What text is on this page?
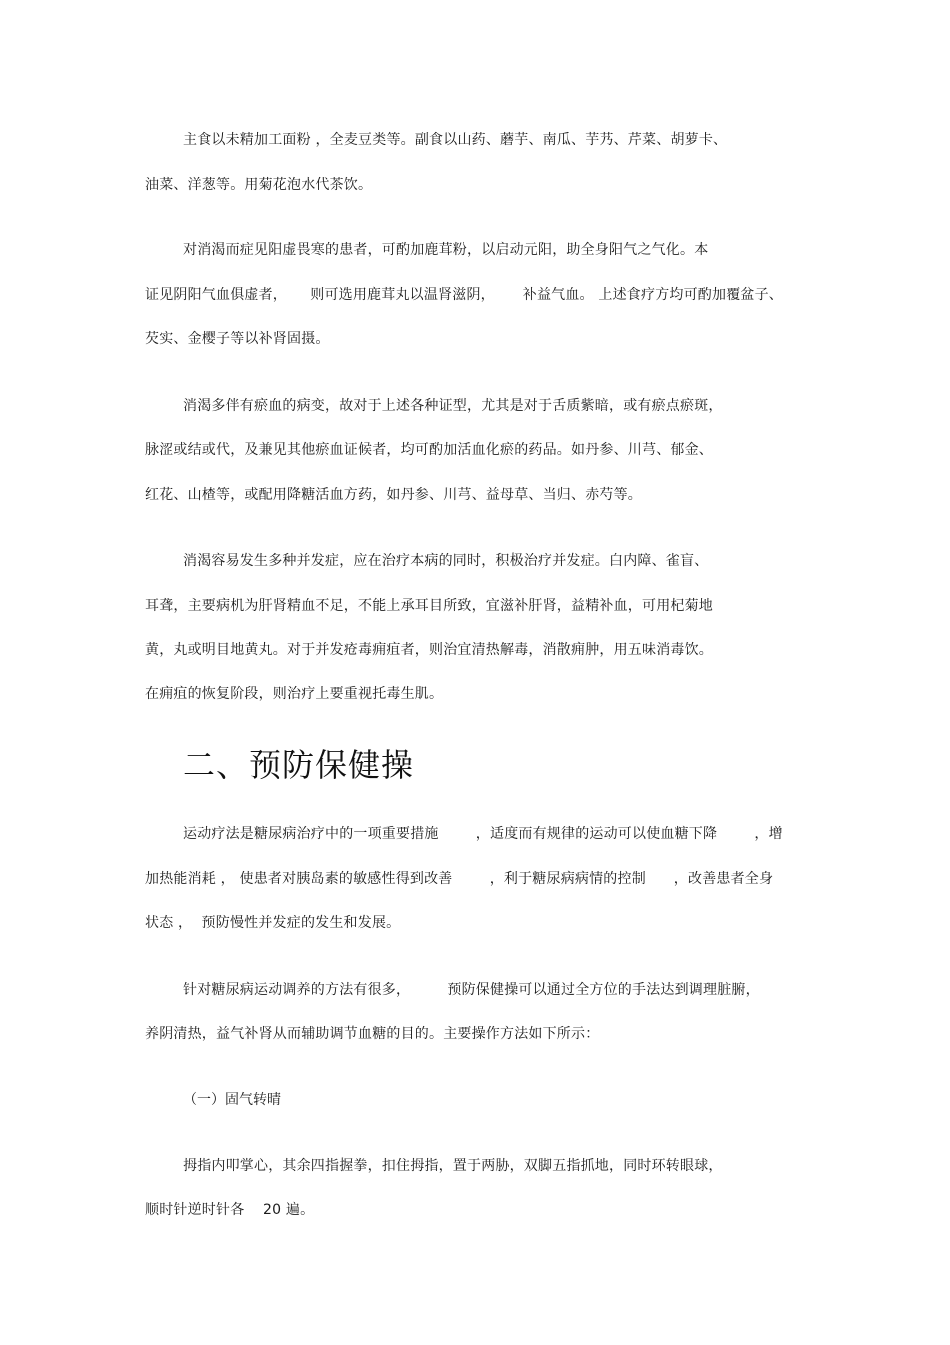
主食以未精加工面粉 ，全麦豆类等。副食以山药、蘑芋、南瓜、芋艿、芹菜、胡萝卡、
油菜、洋葱等。用菊花泡水代茶饮。
对消渴而症见阳虚畏寒的患者，可酌加鹿茸粉，以启动元阳，助全身阳气之气化。本
证见阴阳气血俱虚者，     则可选用鹿茸丸以温肾滋阴，      补益气血。 上述食疗方均可酌加覆盆子、
芡实、金樱子等以补肾固摄。
消渴多伴有瘀血的病变，故对于上述各种证型，尤其是对于舌质紫暗，或有瘀点瘀斑，
脉涩或结或代，及兼见其他瘀血证候者，均可酌加活血化瘀的药品。如丹参、川芎、郁金、
红花、山楂等，或配用降糖活血方药，如丹参、川芎、益母草、当归、赤芍等。
消渴容易发生多种并发症，应在治疗本病的同时，积极治疗并发症。白内障、雀盲、
耳聋，主要病机为肝肾精血不足，不能上承耳目所致，宜滋补肝肾，益精补血，可用杞菊地
黄，丸或明目地黄丸。对于并发疮毒痈疽者，则治宜清热解毒，消散痈肿，用五味消毒饮。
在痈疽的恢复阶段，则治疗上要重视托毒生肌。
二、预防保健操
运动疗法是糖尿病治疗中的一项重要措施        ，适度而有规律的运动可以使血糖下降        ，增
加热能消耗 ， 使患者对胰岛素的敏感性得到改善        ，利于糖尿病病情的控制      ，改善患者全身
状态 ，  预防慢性并发症的发生和发展。
针对糖尿病运动调养的方法有很多，        预防保健操可以通过全方位的手法达到调理脏腑，
养阴清热，益气补肾从而辅助调节血糖的目的。主要操作方法如下所示：
（一）固气转晴
拇指内叩掌心，其余四指握拳，扣住拇指，置于两胁，双脚五指抓地，同时环转眼球，
顺时针逆时针各    20 遍。
